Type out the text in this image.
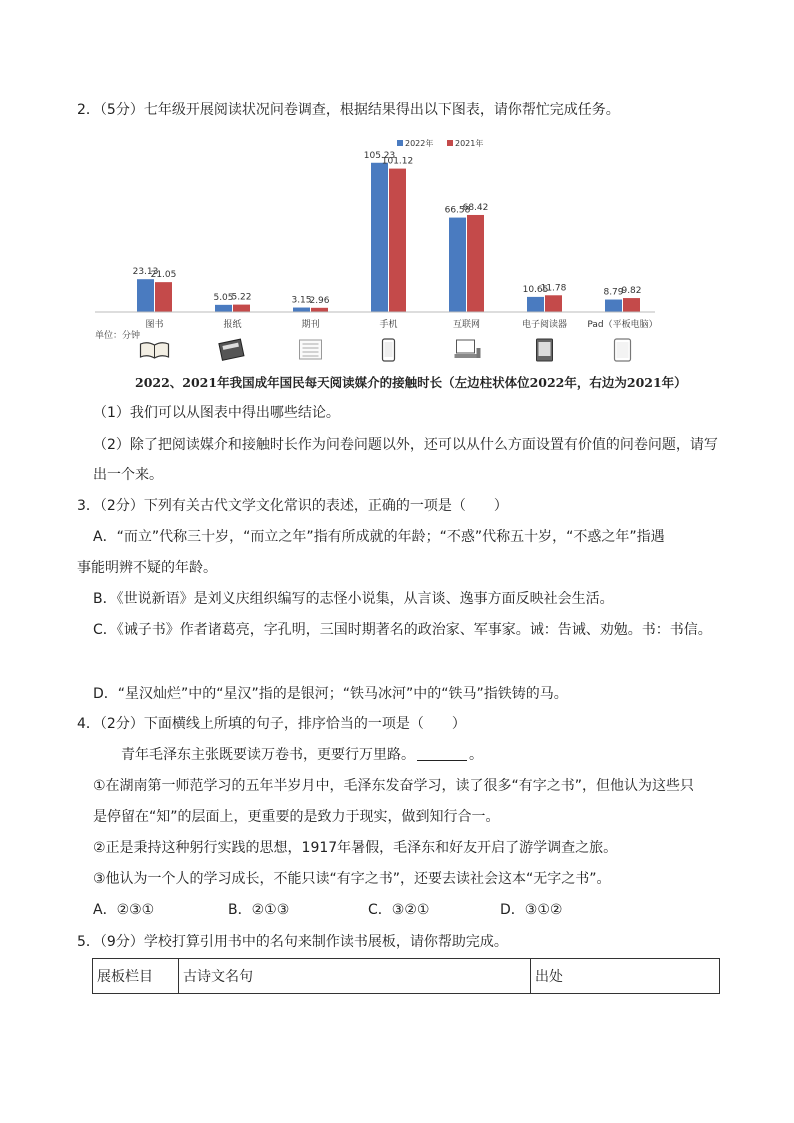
2．（5分）七年级开展阅读状况问卷调查，根据结果得出以下图表，请你帮忙完成任务。
2022年	2021年
23.13
21.05
5.05
5.22	3.15
2.96
105.23
101.12
66.58
68.42
10.65
11.78	8.79
9.82
图书	报纸	期刊	手机	互联网	电子阅读器 Pad（平板电脑）
单位：分钟
2022、2021年我国成年国民每天阅读媒介的接触时长（左边柱状体位2022年，右边为2021年）
（1）我们可以从图表中得出哪些结论。
（2）除了把阅读媒介和接触时长作为问卷问题以外，还可以从什么方面设置有价值的问卷问题，请写
出一个来。
3．（2分）下列有关古代文学文化常识的表述，正确的一项是（　　）
A．“而立”代称三十岁，“而立之年”指有所成就的年龄；“不惑”代称五十岁，“不惑之年”指遇
事能明辨不疑的年龄。
B．《世说新语》是刘义庆组织编写的志怪小说集，从言谈、逸事方面反映社会生活。
C．《诫子书》作者诸葛亮，字孔明，三国时期著名的政治家、军事家。诫：告诫、劝勉。书：书信。
D．“星汉灿烂”中的“星汉”指的是银河；“铁马冰河”中的“铁马”指铁铸的马。
4．（2分）下面横线上所填的句子，排序恰当的一项是（　　）
青年毛泽东主张既要读万卷书，更要行万里路。	。
①在湖南第一师范学习的五年半岁月中，毛泽东发奋学习，读了很多“有字之书”，但他认为这些只
是停留在“知”的层面上，更重要的是致力于现实，做到知行合一。
②正是秉持这种躬行实践的思想，1917年暑假，毛泽东和好友开启了游学调查之旅。
③他认为一个人的学习成长，不能只读“有字之书”，还要去读社会这本“无字之书”。
A．②③①	B．②①③	C．③②①	D．③①②
5．（9分）学校打算引用书中的名句来制作读书展板，请你帮助完成。
展板栏目	古诗文名句	出处
